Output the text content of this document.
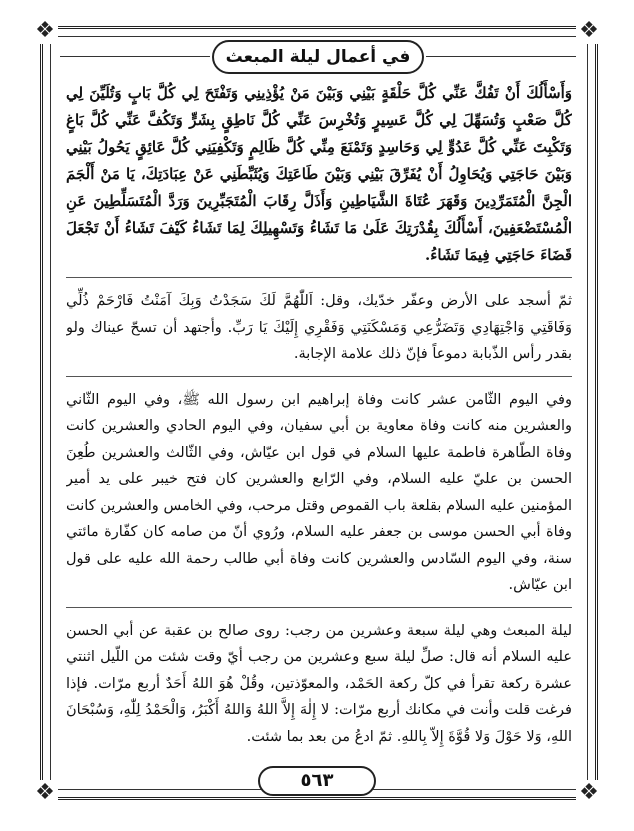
❖	❖
❖	❖
في أعمال ليلة المبعث

وَأَسْأَلُكَ أَنْ تَفُكَّ عَنِّي كُلَّ حَلْقَةٍ بَيْنِي وَبَيْنَ مَنْ يُؤْذِينِي وَتَفْتَحَ لِي كُلَّ بَابٍ وَتُلَيِّنَ لِي كُلَّ صَعْبٍ وَتُسَهِّلَ لِي كُلَّ عَسِيرٍ وَتُخْرِسَ عَنِّي كُلَّ نَاطِقٍ بِشَرٍّ وَتَكُفَّ عَنِّي كُلَّ بَاغٍ وَتَكْبِتَ عَنِّي كُلَّ عَدُوٍّ لِي وَحَاسِدٍ وَتَمْنَعَ مِنِّي كُلَّ ظَالِمٍ وَتَكْفِيَنِي كُلَّ عَائِقٍ يَحُولُ بَيْنِي وَبَيْنَ حَاجَتِي وَيُحَاوِلُ أَنْ يُفَرِّقَ بَيْنِي وَبَيْنَ طَاعَتِكَ وَيُثَبِّطَنِي عَنْ عِبَادَتِكَ، يَا مَنْ أَلْجَمَ الْجِنَّ الْمُتَمَرِّدِينَ وَقَهَرَ عُتَاةَ الشَّيَاطِينِ وَأَذَلَّ رِقَابَ الْمُتَجَبِّرِينَ وَرَدَّ الْمُتَسَلِّطِينَ عَنِ الْمُسْتَضْعَفِينَ، أَسْأَلُكَ بِقُدْرَتِكَ عَلَىٰ مَا تَشَاءُ وَتَسْهِيلِكَ لِمَا تَشَاءُ كَيْفَ تَشَاءُ أَنْ تَجْعَلَ قَضَاءَ حَاجَتِي فِيمَا تَشَاءُ.

ثمّ أسجد على الأرض وعفّر خدّيك، وقل: اَللّٰهُمَّ لَكَ سَجَدْتُ وَبِكَ آمَنْتُ فَارْحَمْ ذُلِّي وَفَاقَتِي وَاجْتِهَادِي وَتَضَرُّعِي وَمَسْكَنَتِي وَفَقْرِي إِلَيْكَ يَا رَبِّ. وأجتهد أن تسحّ عيناك ولو بقدر رأس الذّبابة دموعاً فإنّ ذلك علامة الإجابة.

وفي اليوم الثّامن عشر كانت وفاة إبراهيم ابن رسول الله ﷺ، وفي اليوم الثّاني والعشرين منه كانت وفاة معاوية بن أبي سفيان، وفي اليوم الحادي والعشرين كانت وفاة الطّاهرة فاطمة عليها السلام في قول ابن عيّاش، وفي الثّالث والعشرين طُعِنَ الحسن بن عليّ عليه السلام، وفي الرّابع والعشرين كان فتح خيبر على يد أمير المؤمنين عليه السلام بقلعة باب القموص وقتل مرحب، وفي الخامس والعشرين كانت وفاة أبي الحسن موسى بن جعفر عليه السلام، ورُوي أنّ من صامه كان كفّارة مائتي سنة، وفي اليوم السّادس والعشرين كانت وفاة أبي طالب رحمة الله عليه على قول ابن عيّاش.

ليلة المبعث وهي ليلة سبعة وعشرين من رجب: روى صالح بن عقبة عن أبي الحسن عليه السلام أنه قال: صلِّ ليلة سبع وعشرين من رجب أيّ وقت شئت من اللّيل اثنتي عشرة ركعة تقرأ في كلّ ركعة الحَمْد، والمعوّذتين، وقُلْ هُوَ اللهُ أَحَدٌ أربع مرّات. فإذا فرغت قلت وأنت في مكانك أربع مرّات: لا إِلٰهَ إِلاَّ اللهُ وَاللهُ أَكْبَرُ، وَالْحَمْدُ لِلّٰهِ، وَسُبْحَانَ اللهِ، وَلا حَوْلَ وَلا قُوَّةَ إِلاّ بِاللهِ. ثمّ ادعُ من بعد بما شئت.

٥٦٣
